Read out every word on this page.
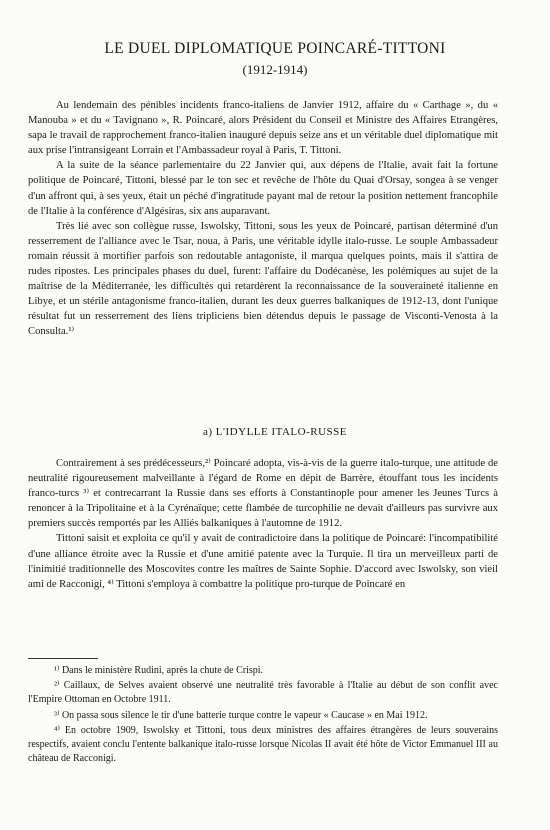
LE DUEL DIPLOMATIQUE POINCARÉ-TITTONI
(1912-1914)

Au lendemain des pénibles incidents franco-italiens de Janvier 1912, affaire du « Carthage », du « Manouba » et du « Tavignano », R. Poincaré, alors Président du Conseil et Ministre des Affaires Etrangères, sapa le travail de rapprochement franco-italien inauguré depuis seize ans et un véritable duel diplomatique mit aux prise l'intransigeant Lorrain et l'Ambassadeur royal à Paris, T. Tittoni.

A la suite de la séance parlementaire du 22 Janvier qui, aux dépens de l'Italie, avait fait la fortune politique de Poincaré, Tittoni, blessé par le ton sec et revêche de l'hôte du Quai d'Orsay, songea à se venger d'un affront qui, à ses yeux, était un péché d'ingratitude payant mal de retour la position nettement francophile de l'Italie à la conférence d'Algésiras, six ans auparavant.

Très lié avec son collègue russe, Iswolsky, Tittoni, sous les yeux de Poincaré, partisan déterminé d'un resserrement de l'alliance avec le Tsar, noua, à Paris, une véritable idylle italo-russe. Le souple Ambassadeur romain réussit à mortifier parfois son redoutable antagoniste, il marqua quelques points, mais il s'attira de rudes ripostes. Les principales phases du duel, furent: l'affaire du Dodécanèse, les polémiques au sujet de la maîtrise de la Méditerranée, les difficultés qui retardèrent la reconnaissance de la souveraineté italienne en Libye, et un stérile antagonisme franco-italien, durant les deux guerres balkaniques de 1912-13, dont l'unique résultat fut un resserrement des liens tripliciens bien détendus depuis le passage de Visconti-Venosta à la Consulta.¹⁾

a) L'IDYLLE ITALO-RUSSE

Contrairement à ses prédécesseurs,²⁾ Poincaré adopta, vis-à-vis de la guerre italo-turque, une attitude de neutralité rigoureusement malveillante à l'égard de Rome en dépit de Barrère, étouffant tous les incidents franco-turcs ³⁾ et contrecarrant la Russie dans ses efforts à Constantinople pour amener les Jeunes Turcs à renoncer à la Tripolitaine et à la Cyrénaïque; cette flambée de turcophilie ne devait d'ailleurs pas survivre aux premiers succès remportés par les Alliés balkaniques à l'automne de 1912.

Tittoni saisit et exploita ce qu'il y avait de contradictoire dans la politique de Poincaré: l'incompatibilité d'une alliance étroite avec la Russie et d'une amitié patente avec la Turquie. Il tira un merveilleux parti de l'inimitié traditionnelle des Moscovites contre les maîtres de Sainte Sophie. D'accord avec Iswolsky, son vieil ami de Racconigi, ⁴⁾ Tittoni s'employa à combattre la politique pro-turque de Poincaré en

¹⁾ Dans le ministère Rudini, après la chute de Crispi.

²⁾ Caillaux, de Selves avaient observé une neutralité très favorable à l'Italie au début de son conflit avec l'Empire Ottoman en Octobre 1911.

³⁾ On passa sous silence le tir d'une batterie turque contre le vapeur « Caucase » en Mai 1912.

⁴⁾ En octobre 1909, Iswolsky et Tittoni, tous deux ministres des affaires étrangères de leurs souverains respectifs, avaient conclu l'entente balkanique italo-russe lorsque Nicolas II avait été hôte de Victor Emmanuel III au château de Racconigi.
